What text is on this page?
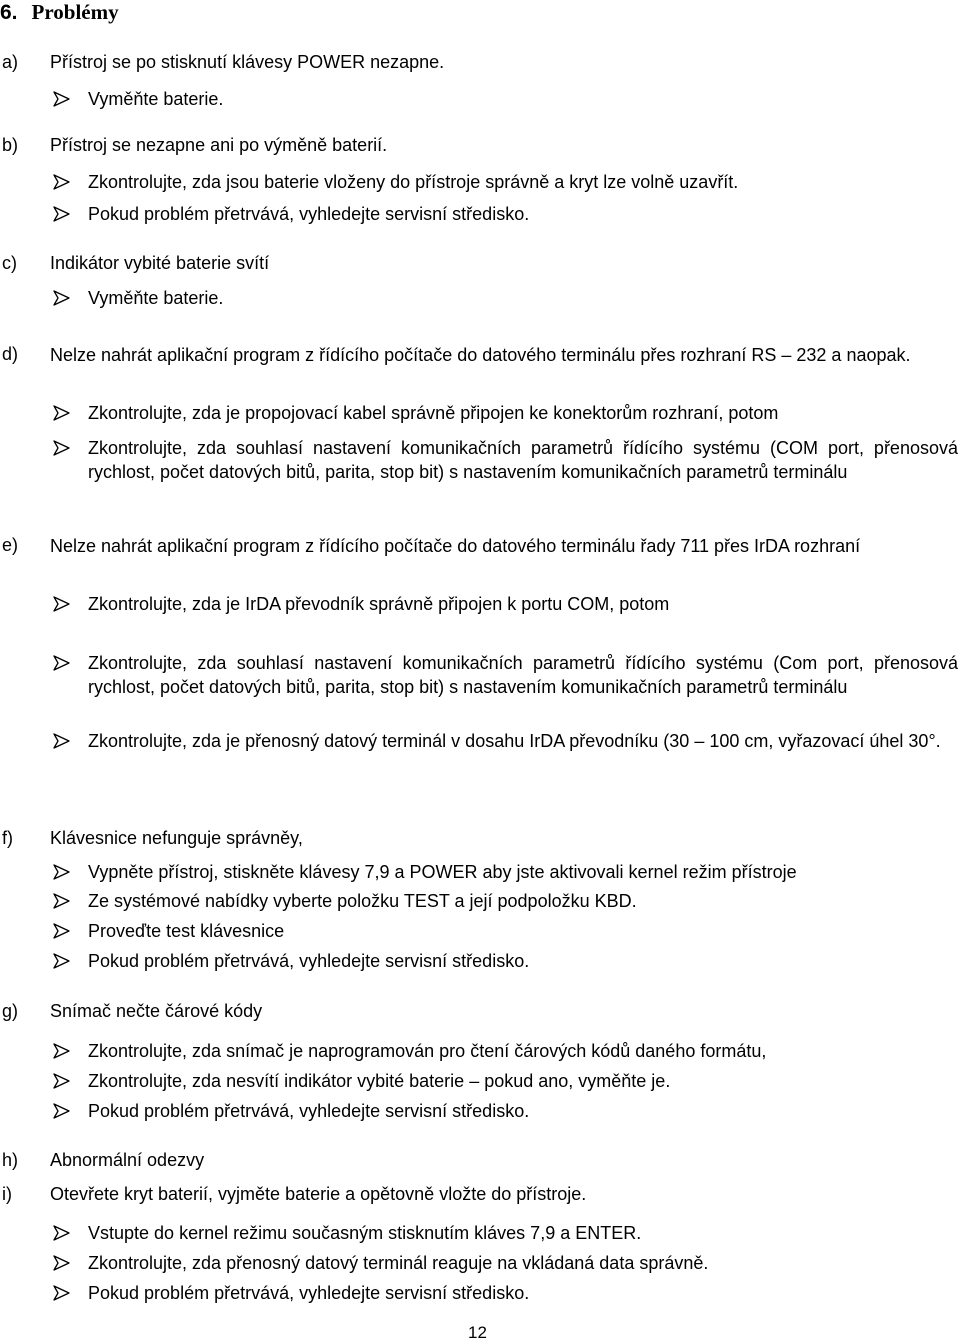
6. Problémy
a) Přístroj se po stisknutí klávesy POWER nezapne.
Vyměňte baterie.
b) Přístroj se nezapne ani po výměně baterií.
Zkontrolujte, zda jsou baterie vloženy do přístroje správně a kryt lze volně uzavřít.
Pokud problém přetrvává, vyhledejte servisní středisko.
c) Indikátor vybité baterie svítí
Vyměňte baterie.
d) Nelze nahrát aplikační program z řídícího počítače do datového terminálu přes rozhraní RS – 232 a naopak.
Zkontrolujte, zda je propojovací kabel správně připojen ke konektorům rozhraní, potom
Zkontrolujte, zda souhlasí nastavení komunikačních parametrů řídícího systému (COM port, přenosová rychlost, počet datových bitů, parita, stop bit) s nastavením komunikačních parametrů terminálu
e) Nelze nahrát aplikační program z řídícího počítače do datového terminálu řady 711 přes IrDA rozhraní
Zkontrolujte, zda je IrDA převodník správně připojen k portu COM, potom
Zkontrolujte, zda souhlasí nastavení komunikačních parametrů řídícího systému (Com port, přenosová rychlost, počet datových bitů, parita, stop bit) s nastavením komunikačních parametrů terminálu
Zkontrolujte, zda je přenosný datový terminál v dosahu IrDA převodníku (30 – 100 cm, vyřazovací úhel 30°.
f) Klávesnice nefunguje správněy,
Vypněte přístroj, stiskněte klávesy 7,9 a POWER aby jste aktivovali kernel režim přístroje
Ze systémové nabídky vyberte položku TEST a její podpoložku KBD.
Proveďte test klávesnice
Pokud problém přetrvává, vyhledejte servisní středisko.
g) Snímač nečte čárové kódy
Zkontrolujte, zda snímač je naprogramován pro čtení čárových kódů daného formátu,
Zkontrolujte, zda nesvítí indikátor vybité baterie – pokud ano, vyměňte je.
Pokud problém přetrvává, vyhledejte servisní středisko.
h) Abnormální odezvy
i) Otevřete kryt baterií, vyjměte baterie a opětovně vložte do přístroje.
Vstupte do kernel režimu současným stisknutím kláves 7,9 a ENTER.
Zkontrolujte, zda přenosný datový terminál reaguje na vkládaná data správně.
Pokud problém přetrvává, vyhledejte servisní středisko.
12
